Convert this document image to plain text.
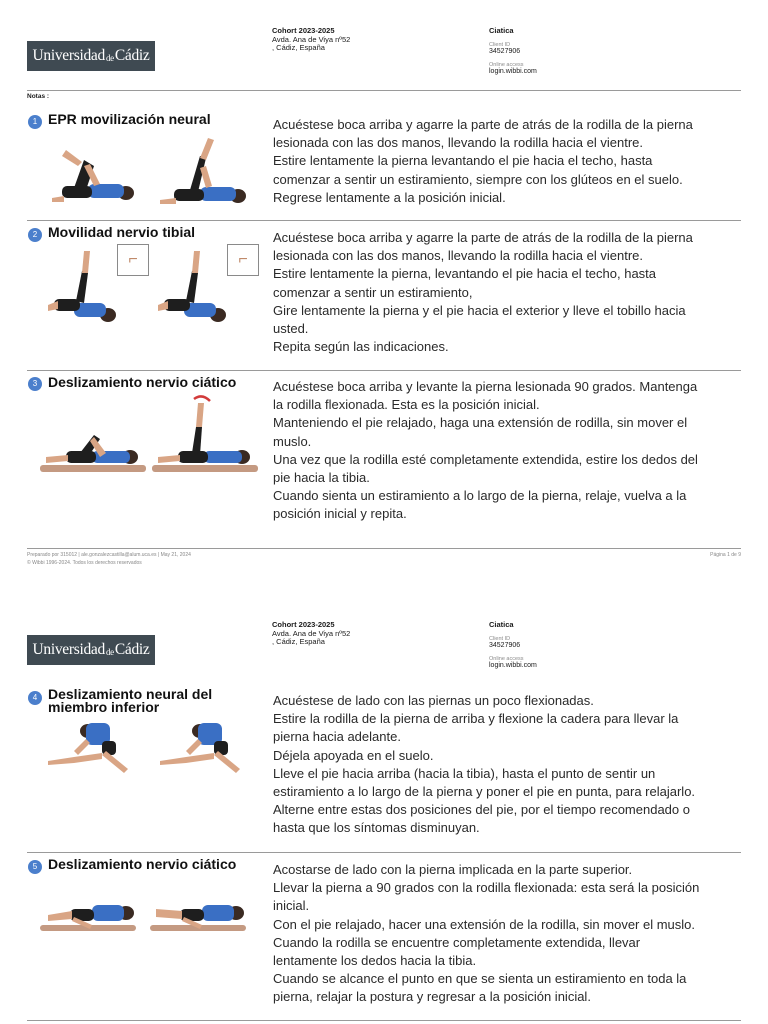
Universidad de Cádiz
Cohort 2023-2025
Avda. Ana de Viya nº52
, Cádiz, España
Ciatica
Client ID
34527906
Online access
login.wibbi.com
Notas :
1 EPR movilización neural	Acuéstese boca arriba y agarre la parte de atrás de la rodilla de la pierna
lesionada con las dos manos, llevando la rodilla hacia el vientre.
Estire lentamente la pierna levantando el pie hacia el techo, hasta
comenzar a sentir un estiramiento, siempre con los glúteos en el suelo.
Regrese lentamente a la posición inicial.
2 Movilidad nervio tibial
⌐	⌐
Acuéstese boca arriba y agarre la parte de atrás de la rodilla de la pierna
lesionada con las dos manos, llevando la rodilla hacia el vientre.
Estire lentamente la pierna, levantando el pie hacia el techo, hasta
comenzar a sentir un estiramiento,
Gire lentamente la pierna y el pie hacia el exterior y lleve el tobillo hacia
usted.
Repita según las indicaciones.
3 Deslizamiento nervio ciático	Acuéstese boca arriba y levante la pierna lesionada 90 grados. Mantenga
la rodilla flexionada. Esta es la posición inicial.
Manteniendo el pie relajado, haga una extensión de rodilla, sin mover el
muslo.
Una vez que la rodilla esté completamente extendida, estire los dedos del
pie hacia la tibia.
Cuando sienta un estiramiento a lo largo de la pierna, relaje, vuelva a la
posición inicial y repita.
Preparado por 315012 | ale.gonzalezcastilla@alum.uca.es | May 21, 2024
© Wibbi 1996-2024. Todos los derechos reservados
Página 1 de 9
Universidad de Cádiz
Cohort 2023-2025
Avda. Ana de Viya nº52
, Cádiz, España
Ciatica
Client ID
34527906
Online access
login.wibbi.com
4 Deslizamiento neural del miembro inferior	Acuéstese de lado con las piernas un poco flexionadas.
Estire la rodilla de la pierna de arriba y flexione la cadera para llevar la
pierna hacia adelante.
Déjela apoyada en el suelo.
Lleve el pie hacia arriba (hacia la tibia), hasta el punto de sentir un
estiramiento a lo largo de la pierna y poner el pie en punta, para relajarlo.
Alterne entre estas dos posiciones del pie, por el tiempo recomendado o
hasta que los síntomas disminuyan.
5 Deslizamiento nervio ciático	Acostarse de lado con la pierna implicada en la parte superior.
Llevar la pierna a 90 grados con la rodilla flexionada: esta será la posición
inicial.
Con el pie relajado, hacer una extensión de la rodilla, sin mover el muslo.
Cuando la rodilla se encuentre completamente extendida, llevar
lentamente los dedos hacia la tibia.
Cuando se alcance el punto en que se sienta un estiramiento en toda la
pierna, relajar la postura y regresar a la posición inicial.
